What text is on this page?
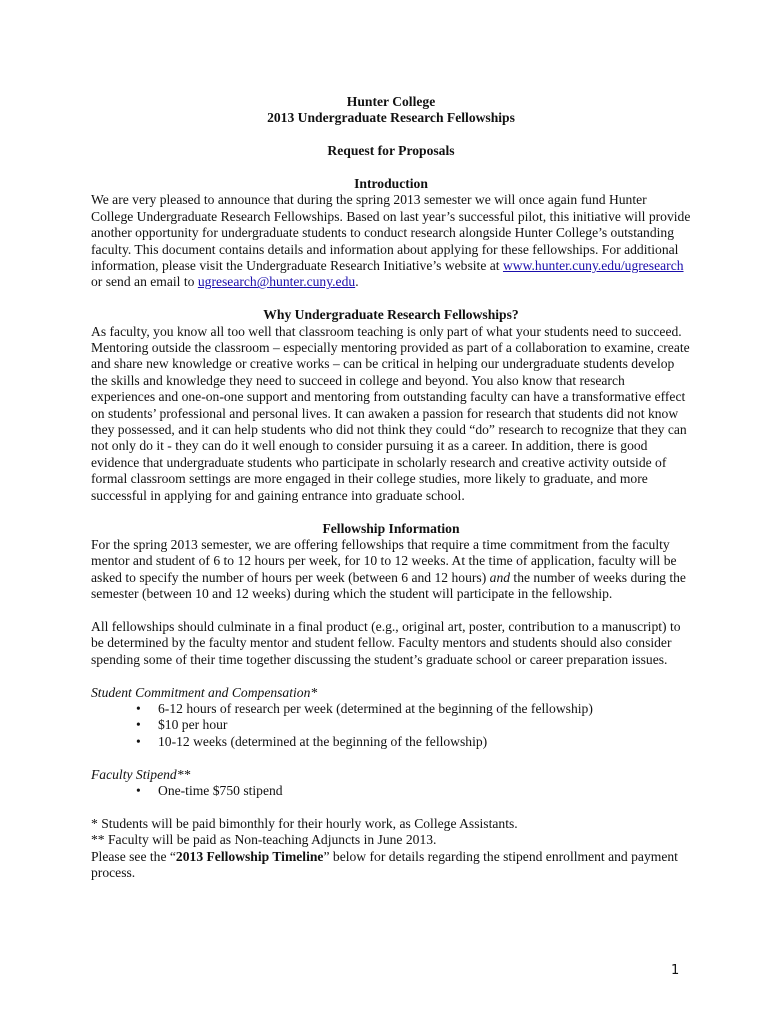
Hunter College

2013 Undergraduate Research Fellowships

Request for Proposals

Introduction

We are very pleased to announce that during the spring 2013 semester we will once again fund Hunter College Undergraduate Research Fellowships. Based on last year’s successful pilot, this initiative will provide another opportunity for undergraduate students to conduct research alongside Hunter College’s outstanding faculty. This document contains details and information about applying for these fellowships. For additional information, please visit the Undergraduate Research Initiative’s website at www.hunter.cuny.edu/ugresearch or send an email to ugresearch@hunter.cuny.edu.

Why Undergraduate Research Fellowships?

As faculty, you know all too well that classroom teaching is only part of what your students need to succeed. Mentoring outside the classroom – especially mentoring provided as part of a collaboration to examine, create and share new knowledge or creative works – can be critical in helping our undergraduate students develop the skills and knowledge they need to succeed in college and beyond. You also know that research experiences and one-on-one support and mentoring from outstanding faculty can have a transformative effect on students’ professional and personal lives. It can awaken a passion for research that students did not know they possessed, and it can help students who did not think they could “do” research to recognize that they can not only do it - they can do it well enough to consider pursuing it as a career. In addition, there is good evidence that undergraduate students who participate in scholarly research and creative activity outside of formal classroom settings are more engaged in their college studies, more likely to graduate, and more successful in applying for and gaining entrance into graduate school.

Fellowship Information

For the spring 2013 semester, we are offering fellowships that require a time commitment from the faculty mentor and student of 6 to 12 hours per week, for 10 to 12 weeks. At the time of application, faculty will be asked to specify the number of hours per week (between 6 and 12 hours) and the number of weeks during the semester (between 10 and 12 weeks) during which the student will participate in the fellowship.

All fellowships should culminate in a final product (e.g., original art, poster, contribution to a manuscript) to be determined by the faculty mentor and student fellow. Faculty mentors and students should also consider spending some of their time together discussing the student’s graduate school or career preparation issues.

Student Commitment and Compensation*

• 6-12 hours of research per week (determined at the beginning of the fellowship)
• $10 per hour
• 10-12 weeks (determined at the beginning of the fellowship)

Faculty Stipend**

• One-time $750 stipend

* Students will be paid bimonthly for their hourly work, as College Assistants.

** Faculty will be paid as Non-teaching Adjuncts in June 2013.

Please see the “2013 Fellowship Timeline” below for details regarding the stipend enrollment and payment process.

1
